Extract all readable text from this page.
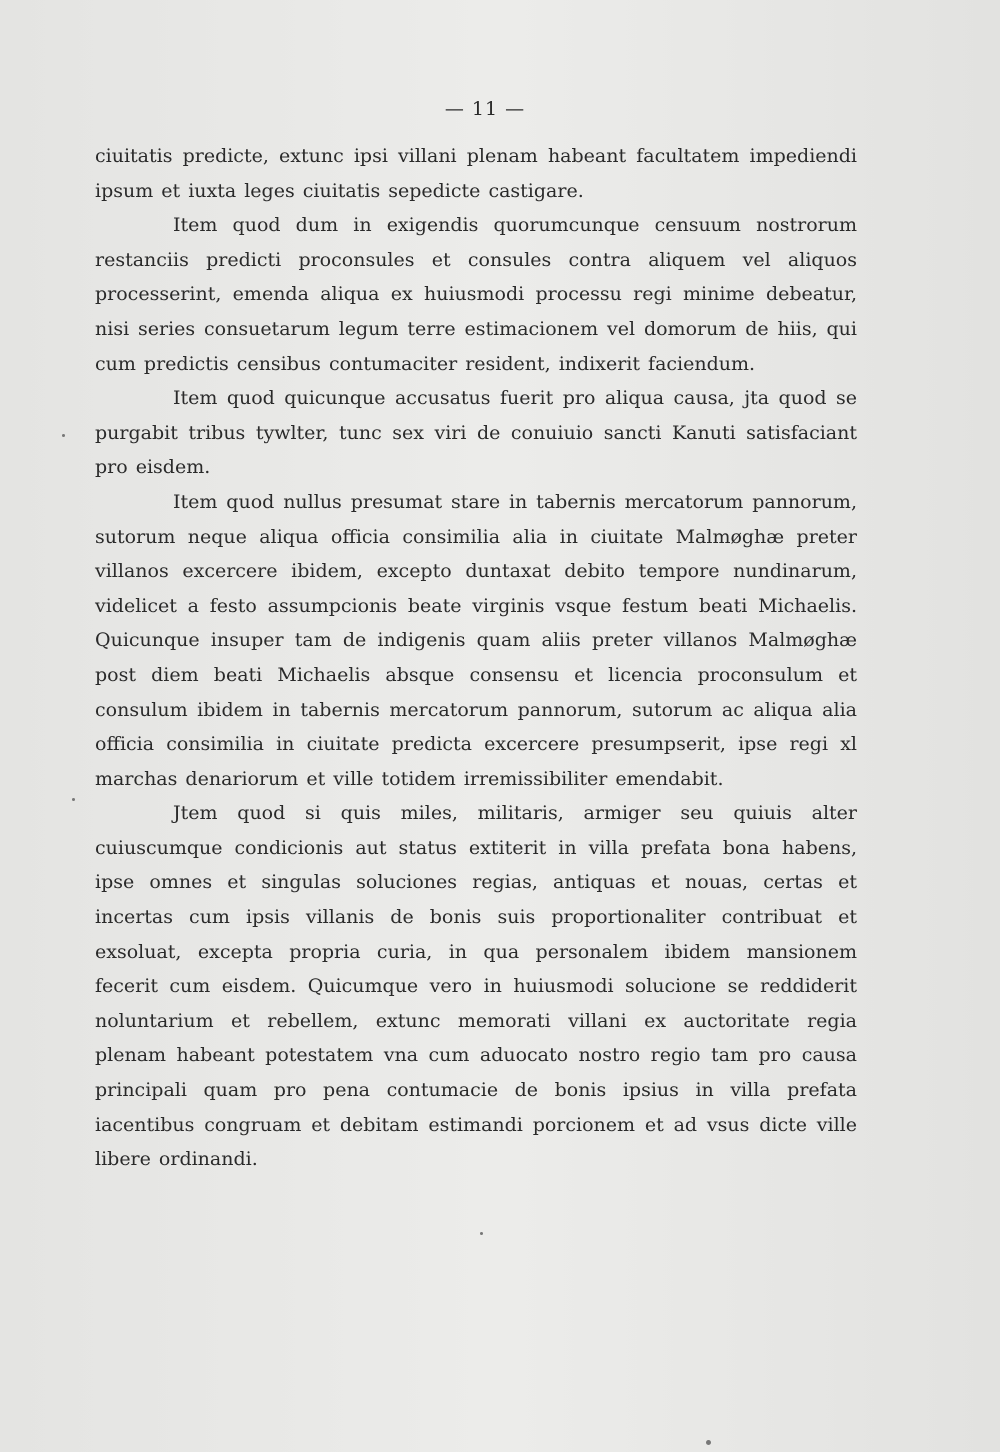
— 11 —

ciuitatis predicte, extunc ipsi villani plenam habeant facultatem impediendi ipsum et iuxta leges ciuitatis sepedicte castigare.

Item quod dum in exigendis quorumcunque censuum nostrorum restanciis predicti proconsules et consules contra aliquem vel aliquos processerint, emenda aliqua ex huiusmodi processu regi minime debeatur, nisi series consuetarum legum terre estimacionem vel domorum de hiis, qui cum predictis censibus contumaciter resident, indixerit faciendum.

Item quod quicunque accusatus fuerit pro aliqua causa, jta quod se purgabit tribus tywlter, tunc sex viri de conuiuio sancti Kanuti satisfaciant pro eisdem.

Item quod nullus presumat stare in tabernis mercatorum pannorum, sutorum neque aliqua officia consimilia alia in ciuitate Malmøghæ preter villanos excercere ibidem, excepto duntaxat debito tempore nundinarum, videlicet a festo assumpcionis beate virginis vsque festum beati Michaelis. Quicunque insuper tam de indigenis quam aliis preter villanos Malmøghæ post diem beati Michaelis absque consensu et licencia proconsulum et consulum ibidem in tabernis mercatorum pannorum, sutorum ac aliqua alia officia consimilia in ciuitate predicta excercere presumpserit, ipse regi xl marchas denariorum et ville totidem irremissibiliter emendabit.

Jtem quod si quis miles, militaris, armiger seu quiuis alter cuiuscumque condicionis aut status extiterit in villa prefata bona habens, ipse omnes et singulas soluciones regias, antiquas et nouas, certas et incertas cum ipsis villanis de bonis suis proportionaliter contribuat et exsoluat, excepta propria curia, in qua personalem ibidem mansionem fecerit cum eisdem. Quicumque vero in huiusmodi solucione se reddiderit noluntarium et rebellem, extunc memorati villani ex auctoritate regia plenam habeant potestatem vna cum aduocato nostro regio tam pro causa principali quam pro pena contumacie de bonis ipsius in villa prefata iacentibus congruam et debitam estimandi porcionem et ad vsus dicte ville libere ordinandi.
